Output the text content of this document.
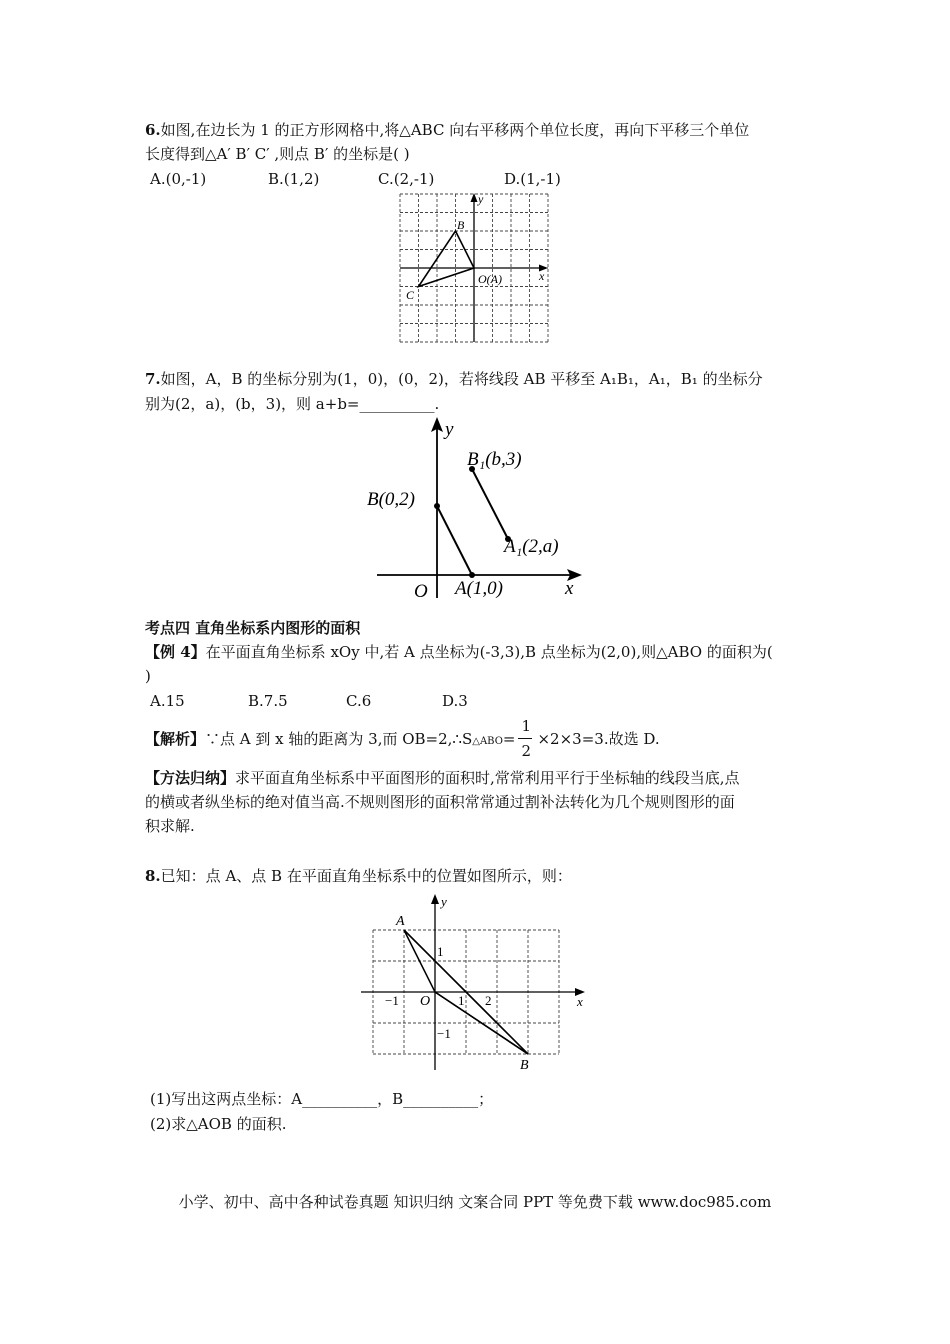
6.如图,在边长为 1 的正方形网格中,将△ABC 向右平移两个单位长度，再向下平移三个单位
长度得到△A′ B′ C′ ,则点 B′ 的坐标是( )
A.(0,-1)	B.(1,2)	C.(2,-1)	D.(1,-1)
y
x
B
C
O(A)
7.如图，A，B 的坐标分别为(1，0)，(0，2)，若将线段 AB 平移至 A₁B₁，A₁，B₁ 的坐标分
别为(2，a)，(b，3)，则 a+b=__________.
y
x
O
B(0,2)
A(1,0)
B₁(b,3)
A₁(2,a)
考点四 直角坐标系内图形的面积
【例 4】在平面直角坐标系 xOy 中,若 A 点坐标为(-3,3),B 点坐标为(2,0),则△ABO 的面积为(
)
A.15	B.7.5	C.6	D.3
【解析】∵点 A 到 x 轴的距离为 3,而 OB=2,∴S△ABO= $\frac{1}{2} \times 2\times 3=3$.故选 D.
【方法归纳】求平面直角坐标系中平面图形的面积时,常常利用平行于坐标轴的线段当底,点
的横或者纵坐标的绝对值当高.不规则图形的面积常常通过割补法转化为几个规则图形的面
积求解.
8.已知：点 A、点 B 在平面直角坐标系中的位置如图所示，则：
y
x
A
B
O 1 2
−1
1
−1
(1)写出这两点坐标：A__________，B__________；
(2)求△AOB 的面积.
小学、初中、高中各种试卷真题 知识归纳 文案合同 PPT 等免费下载 www.doc985.com
